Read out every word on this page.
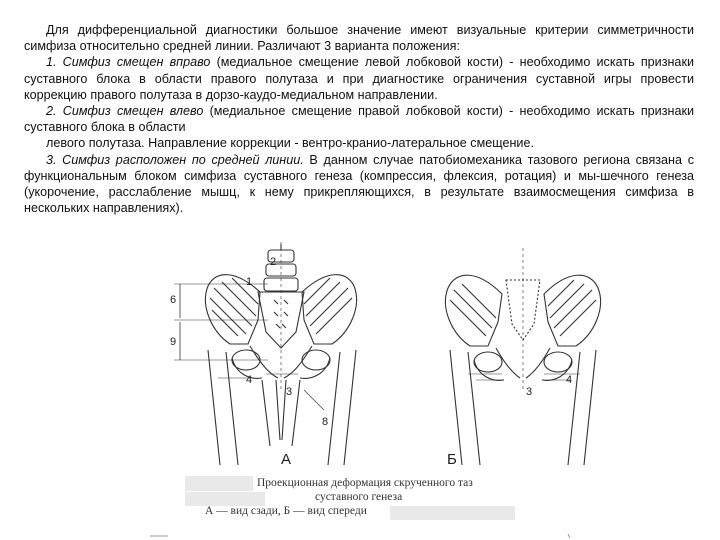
Для дифференциальной диагностики большое значение имеют визуальные критерии симметричности симфиза относительно средней линии. Различают 3 варианта положения:

1. Симфиз смещен вправо (медиальное смещение левой лобковой кости) - необходимо искать признаки суставного блока в области правого полутаза и при диагностике ограничения суставной игры провести коррекцию правого полутаза в дорзо-каудо-медиальном направлении.

2. Симфиз смещен влево (медиальное смещение правой лобковой кости) - необходимо искать признаки суставного блока в области

левого полутаза. Направление коррекции - вентро-кранио-латеральное смещение.

3. Симфиз расположен по средней линии. В данном случае патобиомеханика тазового региона связана с функциональным блоком симфиза суставного генеза (компрессия, флексия, ротация) и мы-шечного генеза (укорочение, расслабление мышц, к нему прикрепляющихся, в результате взаимосмещения симфиза в нескольких направлениях).

6
9
1
2
3
4
8
3
4
А	Б
Проекционная деформация скрученного таз
суставного генеза
А — вид сзади, Б — вид спереди
